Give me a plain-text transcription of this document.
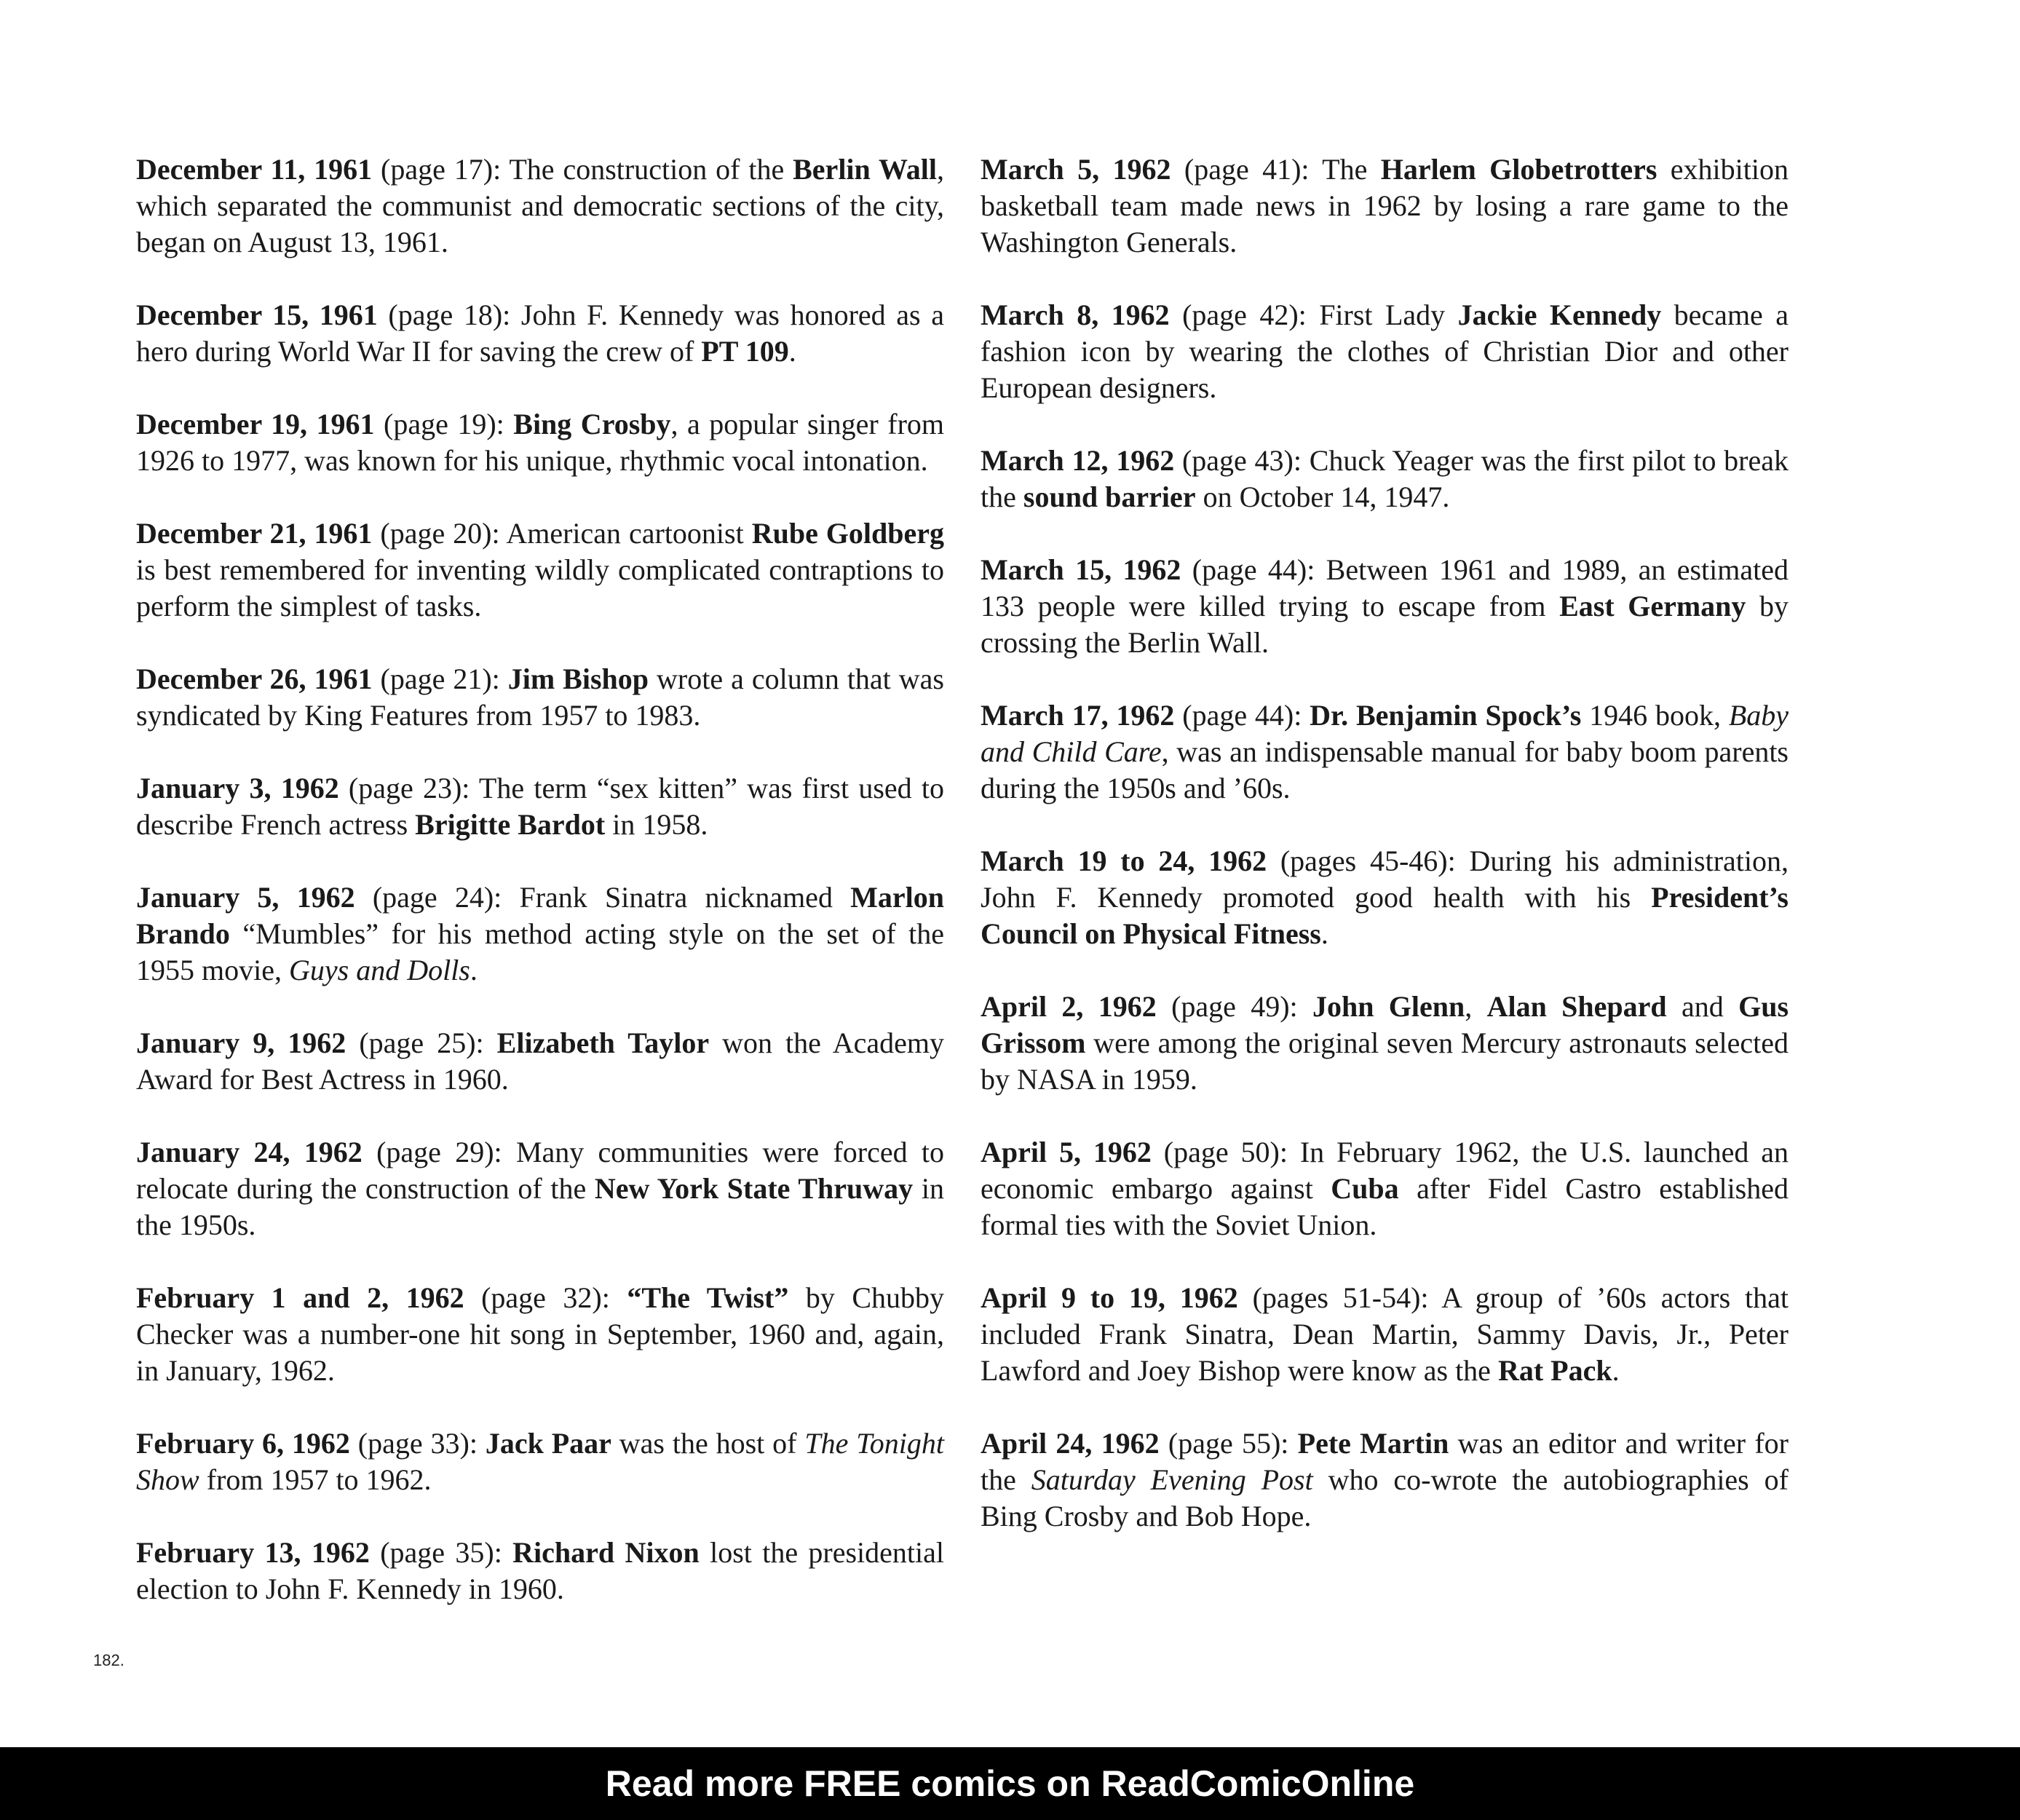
December 11, 1961 (page 17): The construction of the Berlin Wall, which separated the communist and democratic sections of the city, began on August 13, 1961.

December 15, 1961 (page 18): John F. Kennedy was honored as a hero during World War II for saving the crew of PT 109.

December 19, 1961 (page 19): Bing Crosby, a popular singer from 1926 to 1977, was known for his unique, rhythmic vocal intonation.

December 21, 1961 (page 20): American cartoonist Rube Goldberg is best remembered for inventing wildly complicated contraptions to perform the simplest of tasks.

December 26, 1961 (page 21): Jim Bishop wrote a column that was syndicated by King Features from 1957 to 1983.

January 3, 1962 (page 23): The term “sex kitten” was first used to describe French actress Brigitte Bardot in 1958.

January 5, 1962 (page 24): Frank Sinatra nicknamed Marlon Brando “Mumbles” for his method acting style on the set of the 1955 movie, Guys and Dolls.

January 9, 1962 (page 25): Elizabeth Taylor won the Academy Award for Best Actress in 1960.

January 24, 1962 (page 29): Many communities were forced to relocate during the construction of the New York State Thruway in the 1950s.

February 1 and 2, 1962 (page 32): “The Twist” by Chubby Checker was a number-one hit song in September, 1960 and, again, in January, 1962.

February 6, 1962 (page 33): Jack Paar was the host of The Tonight Show from 1957 to 1962.

February 13, 1962 (page 35): Richard Nixon lost the presidential election to John F. Kennedy in 1960.

March 5, 1962 (page 41): The Harlem Globetrotters exhibition basketball team made news in 1962 by losing a rare game to the Washington Generals.

March 8, 1962 (page 42): First Lady Jackie Kennedy became a fashion icon by wearing the clothes of Christian Dior and other European designers.

March 12, 1962 (page 43): Chuck Yeager was the first pilot to break the sound barrier on October 14, 1947.

March 15, 1962 (page 44): Between 1961 and 1989, an estimated 133 people were killed trying to escape from East Germany by crossing the Berlin Wall.

March 17, 1962 (page 44): Dr. Benjamin Spock’s 1946 book, Baby and Child Care, was an indispensable manual for baby boom parents during the 1950s and ’60s.

March 19 to 24, 1962 (pages 45-46): During his administration, John F. Kennedy promoted good health with his President’s Council on Physical Fitness.

April 2, 1962 (page 49): John Glenn, Alan Shepard and Gus Grissom were among the original seven Mercury astronauts selected by NASA in 1959.

April 5, 1962 (page 50): In February 1962, the U.S. launched an economic embargo against Cuba after Fidel Castro established formal ties with the Soviet Union.

April 9 to 19, 1962 (pages 51-54): A group of ’60s actors that included Frank Sinatra, Dean Martin, Sammy Davis, Jr., Peter Lawford and Joey Bishop were know as the Rat Pack.

April 24, 1962 (page 55): Pete Martin was an editor and writer for the Saturday Evening Post who co-wrote the autobiographies of Bing Crosby and Bob Hope.

182.
Read more FREE comics on ReadComicOnline
